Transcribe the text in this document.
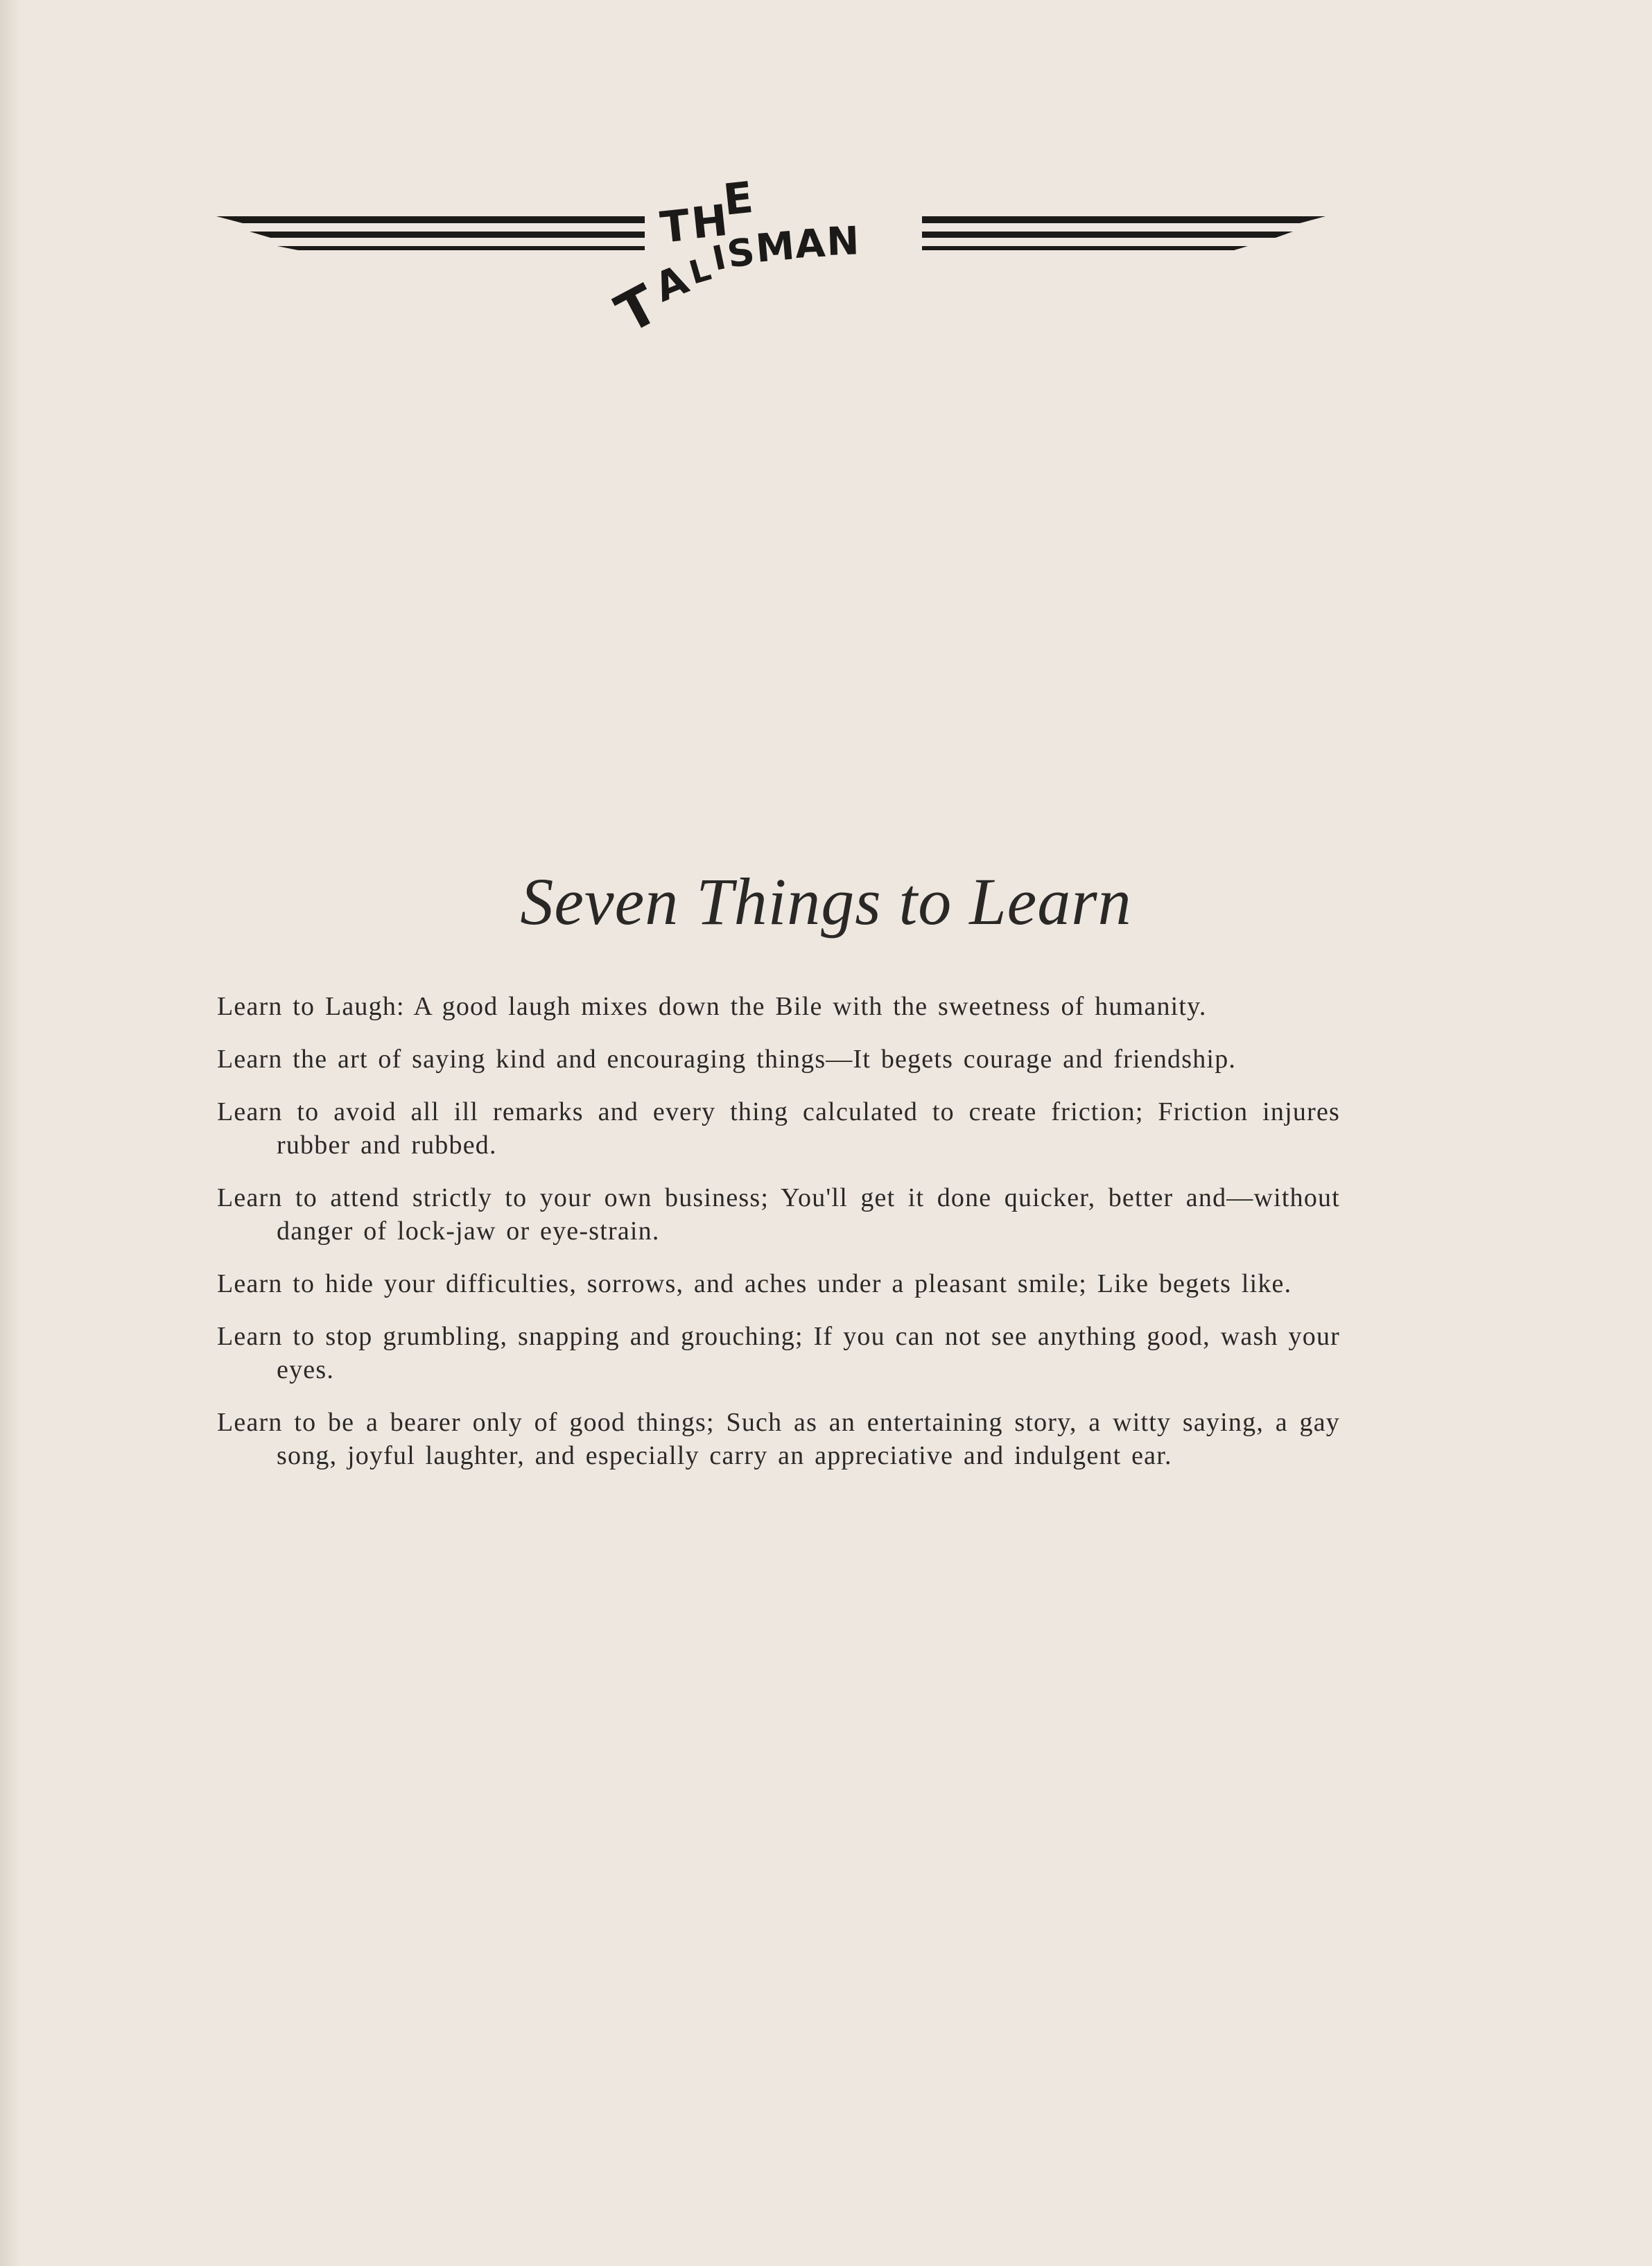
T
H
E
T
A
L
I
S
M
A N
Seven Things to Learn
Learn to Laugh: A good laugh mixes down the Bile with the sweetness of humanity.
Learn the art of saying kind and encouraging things—It begets courage and friendship.
Learn to avoid all ill remarks and every thing calculated to create friction; Friction injures rubber and rubbed.
Learn to attend strictly to your own business; You'll get it done quicker, better and—without danger of lock-jaw or eye-strain.
Learn to hide your difficulties, sorrows, and aches under a pleasant smile; Like begets like.
Learn to stop grumbling, snapping and grouching; If you can not see anything good, wash your eyes.
Learn to be a bearer only of good things; Such as an entertaining story, a witty saying, a gay song, joyful laughter, and especially carry an appreciative and indulgent ear.
